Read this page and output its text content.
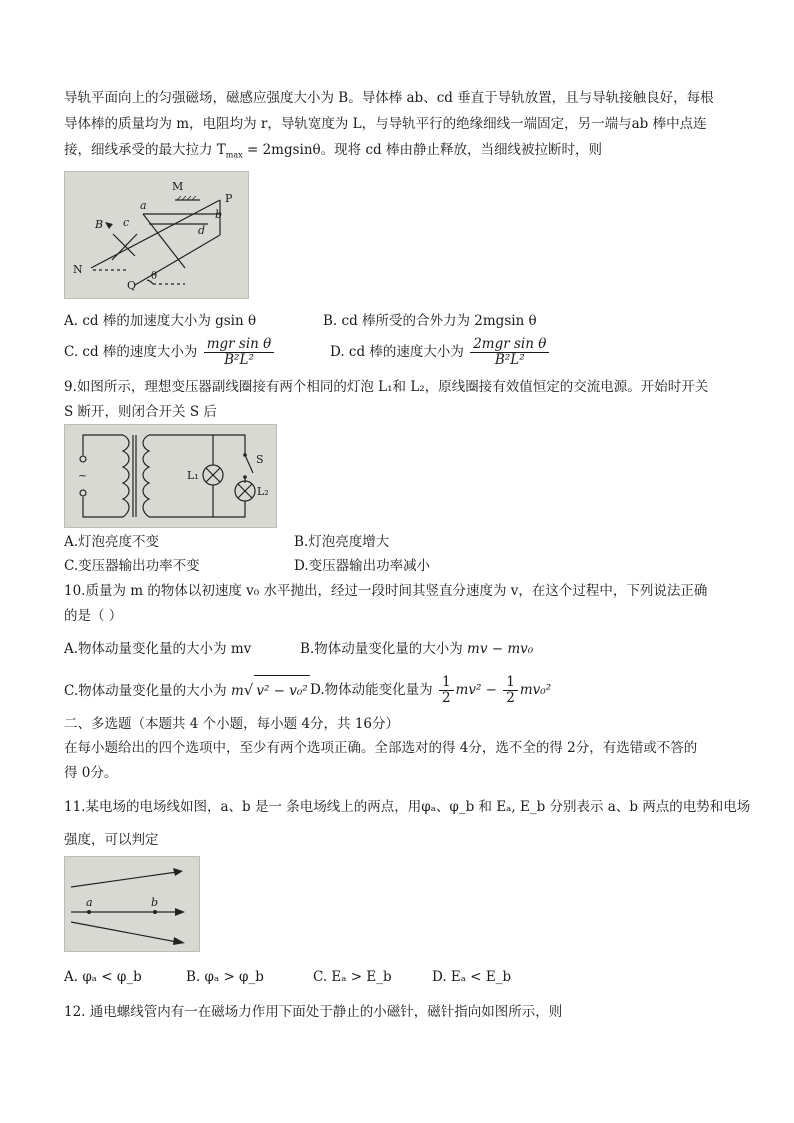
导轨平面向上的匀强磁场，磁感应强度大小为 B。导体棒 ab、cd 垂直于导轨放置，且与导轨接触良好，每根
导体棒的质量均为 m，电阻均为 r，导轨宽度为 L，与导轨平行的绝缘细线一端固定，另一端与ab 棒中点连
接，细线承受的最大拉力 $T_{max} = 2mgsin\theta$。现将 cd 棒由静止释放，当细线被拉断时，则
M
P
a
b
c
d
B
N
Q
θ
A. cd 棒的加速度大小为 gsin θ	B. cd 棒所受的合外力为 2mgsin θ
C. cd 棒的速度大小为 $\frac{\text{mgr sin θ}}{\text{B²L²}}$	D. cd 棒的速度大小为 $\frac{\text{2mgr sin θ}}{\text{B²L²}}$
9.如图所示，理想变压器副线圈接有两个相同的灯泡 L₁和 L₂，原线圈接有效值恒定的交流电源。开始时开关
S 断开，则闭合开关 S 后
~	L₁
L₂
S
A.灯泡亮度不变	B.灯泡亮度增大
C.变压器输出功率不变	D.变压器输出功率减小
10.质量为 m 的物体以初速度 v₀ 水平抛出，经过一段时间其竖直分速度为 v，在这个过程中，下列说法正确
的是（ ）
A.物体动量变化量的大小为 mv	B.物体动量变化量的大小为 mv − mv₀
C.物体动量变化量的大小为 m√ v² − v₀² D.物体动能变化量为 $\frac{1}{2} mv^2 - \frac{1}{2} mv_0^2$
二、多选题（本题共 4 个小题，每小题 4分，共 16分）
在每小题给出的四个选项中，至少有两个选项正确。全部选对的得 4分，选不全的得 2分，有选错或不答的
得 0分。
11.某电场的电场线如图，a、b 是一 条电场线上的两点，用φₐ、φ_b 和 Eₐ, E_b 分别表示 a、b 两点的电势和电场
强度，可以判定
a	b
A. φₐ < φ_b	B. φₐ > φ_b	C. Eₐ > E_b	D. Eₐ < E_b
12. 通电螺线管内有一在磁场力作用下面处于静止的小磁针，磁针指向如图所示，则
